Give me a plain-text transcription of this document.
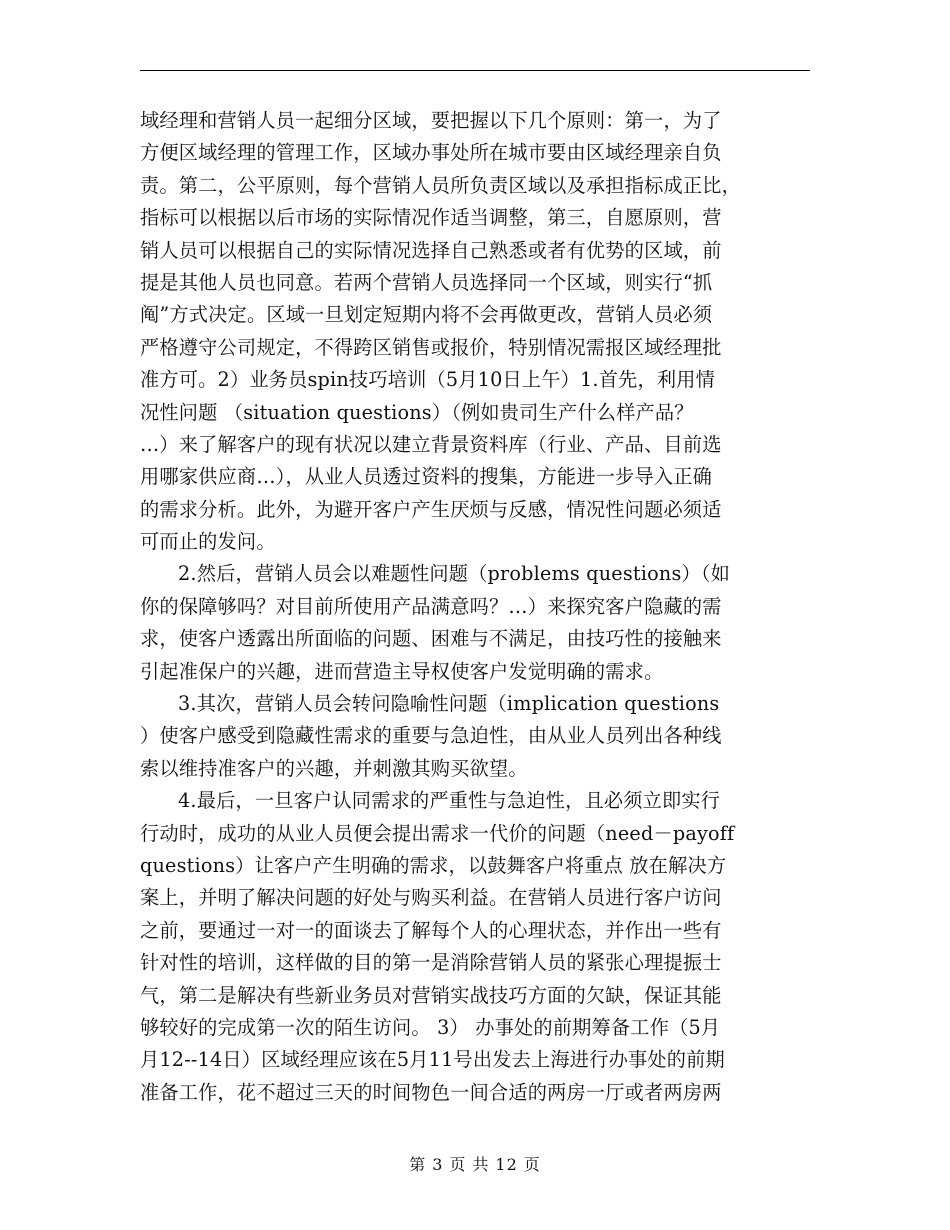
域经理和营销人员一起细分区域，要把握以下几个原则：第一，为了
方便区域经理的管理工作，区域办事处所在城市要由区域经理亲自负
责。第二，公平原则，每个营销人员所负责区域以及承担指标成正比，
指标可以根据以后市场的实际情况作适当调整，第三，自愿原则，营
销人员可以根据自己的实际情况选择自己熟悉或者有优势的区域，前
提是其他人员也同意。若两个营销人员选择同一个区域，则实行“抓
阄”方式决定。区域一旦划定短期内将不会再做更改，营销人员必须
严格遵守公司规定，不得跨区销售或报价，特别情况需报区域经理批
准方可。2）业务员spin技巧培训（5月10日上午）1.首先，利用情
况性问题 （situation questions）（例如贵司生产什么样产品？
…）来了解客户的现有状况以建立背景资料库（行业、产品、目前选
用哪家供应商…），从业人员透过资料的搜集，方能进一步导入正确
的需求分析。此外，为避开客户产生厌烦与反感，情况性问题必须适
可而止的发问。
2.然后，营销人员会以难题性问题（problems questions）（如
你的保障够吗？对目前所使用产品满意吗？…）来探究客户隐藏的需
求，使客户透露出所面临的问题、困难与不满足，由技巧性的接触来
引起准保户的兴趣，进而营造主导权使客户发觉明确的需求。
3.其次，营销人员会转问隐喻性问题（implication questions
）使客户感受到隐藏性需求的重要与急迫性，由从业人员列出各种线
索以维持准客户的兴趣，并刺激其购买欲望。
4.最后，一旦客户认同需求的严重性与急迫性，且必须立即实行
行动时，成功的从业人员便会提出需求一代价的问题（need－payoff
questions）让客户产生明确的需求，以鼓舞客户将重点 放在解决方
案上，并明了解决问题的好处与购买利益。在营销人员进行客户访问
之前，要通过一对一的面谈去了解每个人的心理状态，并作出一些有
针对性的培训，这样做的目的第一是消除营销人员的紧张心理提振士
气，第二是解决有些新业务员对营销实战技巧方面的欠缺，保证其能
够较好的完成第一次的陌生访问。 3） 办事处的前期筹备工作（5月
月12--14日）区域经理应该在5月11号出发去上海进行办事处的前期
准备工作，花不超过三天的时间物色一间合适的两房一厅或者两房两
第 3 页 共 12 页
